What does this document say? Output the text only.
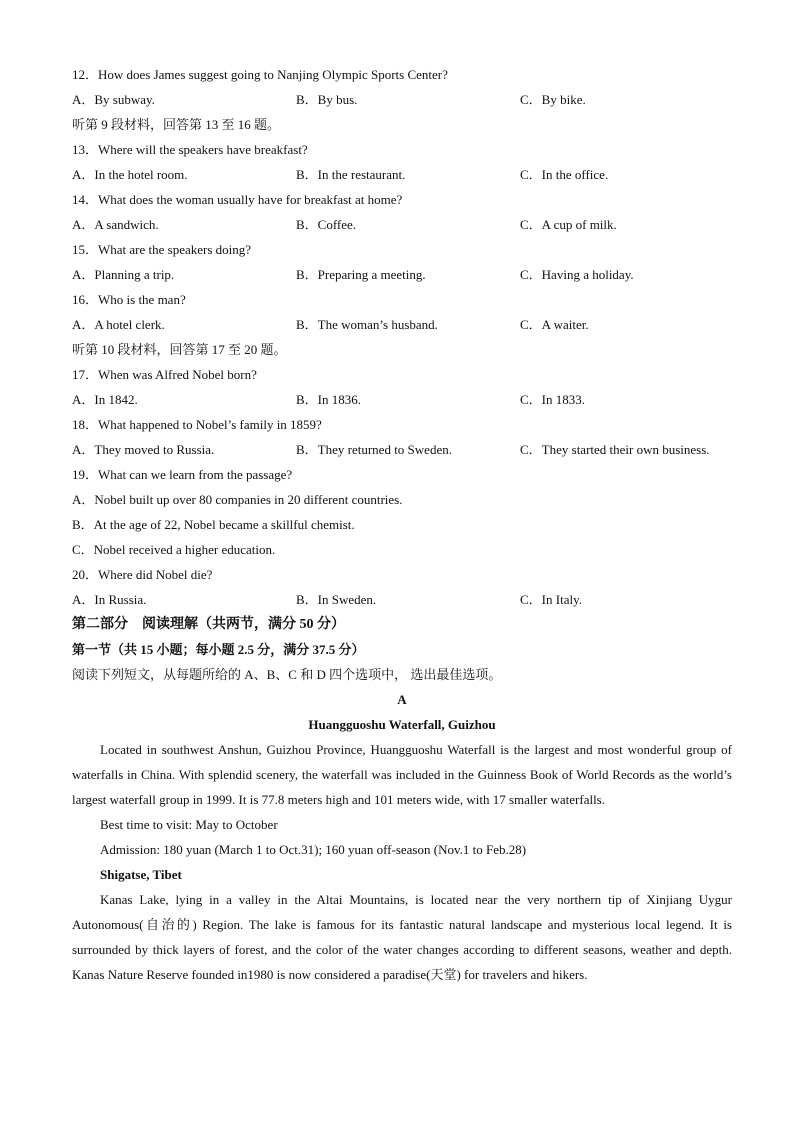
12．How does James suggest going to Nanjing Olympic Sports Center?
A．By subway.	B．By bus.	C．By bike.
听第 9 段材料，回答第 13 至 16 题。
13．Where will the speakers have breakfast?
A．In the hotel room.	B．In the restaurant.	C．In the office.
14．What does the woman usually have for breakfast at home?
A．A sandwich.	B．Coffee.	C．A cup of milk.
15．What are the speakers doing?
A．Planning a trip.	B．Preparing a meeting.	C．Having a holiday.
16．Who is the man?
A．A hotel clerk.	B．The woman’s husband.	C．A waiter.
听第 10 段材料，回答第 17 至 20 题。
17．When was Alfred Nobel born?
A．In 1842.	B．In 1836.	C．In 1833.
18．What happened to Nobel’s family in 1859?
A．They moved to Russia.	B．They returned to Sweden.	C．They started their own business.
19．What can we learn from the passage?
A．Nobel built up over 80 companies in 20 different countries.
B．At the age of 22, Nobel became a skillful chemist.
C．Nobel received a higher education.
20．Where did Nobel die?
A．In Russia.	B．In Sweden.	C．In Italy.
第二部分　阅读理解（共两节，满分 50 分）
第一节（共 15 小题；每小题 2.5 分，满分 37.5 分）
阅读下列短文，从每题所给的 A、B、C 和 D 四个选项中， 选出最佳选项。
A
Huangguoshu Waterfall, Guizhou
Located in southwest Anshun, Guizhou Province, Huangguoshu Waterfall is the largest and most wonderful group of waterfalls in China. With splendid scenery, the waterfall was included in the Guinness Book of World Records as the world’s largest waterfall group in 1999. It is 77.8 meters high and 101 meters wide, with 17 smaller waterfalls.
Best time to visit: May to October
Admission: 180 yuan (March 1 to Oct.31); 160 yuan off-season (Nov.1 to Feb.28)
Shigatse, Tibet
Kanas Lake, lying in a valley in the Altai Mountains, is located near the very northern tip of Xinjiang Uygur Autonomous(自治的) Region. The lake is famous for its fantastic natural landscape and mysterious local legend. It is surrounded by thick layers of forest, and the color of the water changes according to different seasons, weather and depth. Kanas Nature Reserve founded in1980 is now considered a paradise(天堂) for travelers and hikers.
